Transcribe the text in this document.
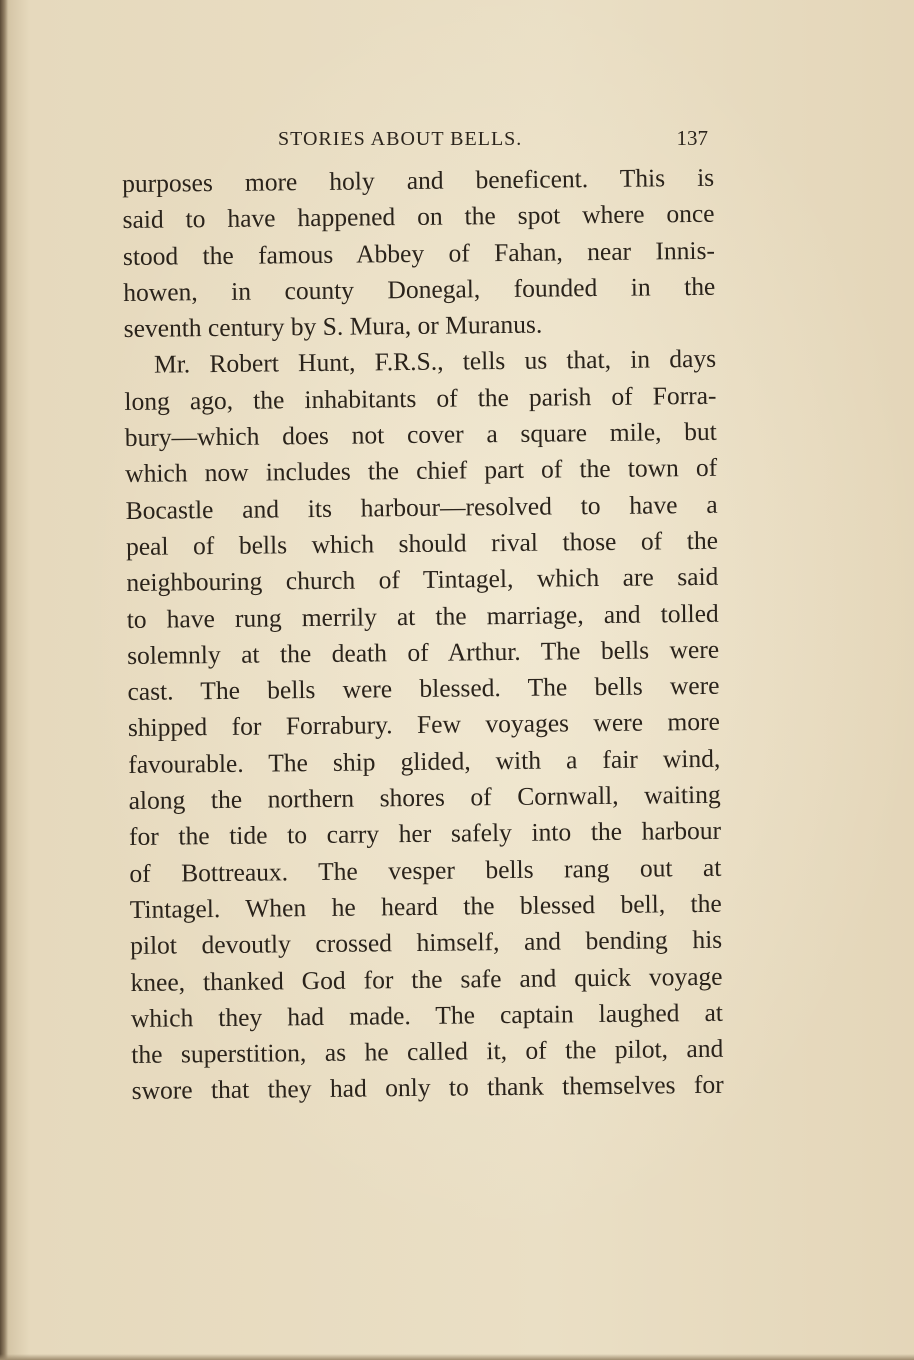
STORIES ABOUT BELLS.	137
purposes more holy and beneficent. This is
said to have happened on the spot where once
stood the famous Abbey of Fahan, near Innis-
howen, in county Donegal, founded in the
seventh century by S. Mura, or Muranus.
Mr. Robert Hunt, F.R.S., tells us that, in days
long ago, the inhabitants of the parish of Forra-
bury—which does not cover a square mile, but
which now includes the chief part of the town of
Bocastle and its harbour—resolved to have a
peal of bells which should rival those of the
neighbouring church of Tintagel, which are said
to have rung merrily at the marriage, and tolled
solemnly at the death of Arthur. The bells were
cast. The bells were blessed. The bells were
shipped for Forrabury. Few voyages were more
favourable. The ship glided, with a fair wind,
along the northern shores of Cornwall, waiting
for the tide to carry her safely into the harbour
of Bottreaux. The vesper bells rang out at
Tintagel. When he heard the blessed bell, the
pilot devoutly crossed himself, and bending his
knee, thanked God for the safe and quick voyage
which they had made. The captain laughed at
the superstition, as he called it, of the pilot, and
swore that they had only to thank themselves for
